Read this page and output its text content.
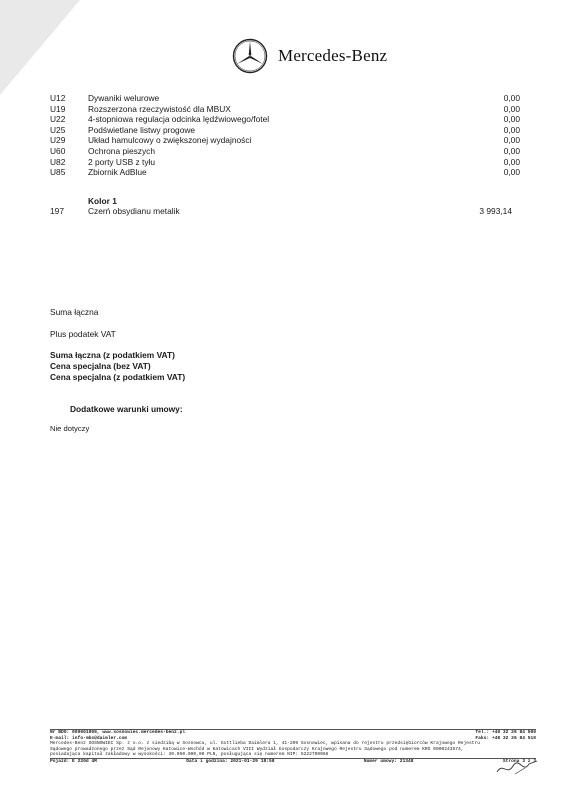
Mercedes-Benz
U12	Dywaniki welurowe	0,00
U19	Rozszerzona rzeczywistość dla MBUX	0,00
U22	4-stopniowa regulacja odcinka lędźwiowego/fotel	0,00
U25	Podświetlane listwy progowe	0,00
U29	Układ hamulcowy o zwiększonej wydajności	0,00
U60	Ochrona pieszych	0,00
U82	2 porty USB z tyłu	0,00
U85	Zbiornik AdBlue	0,00
Kolor 1
197	Czerń obsydianu metalik	3 993,14
Suma łączna
Plus podatek VAT
Suma łączna (z podatkiem VAT)
Cena specjalna (bez VAT)
Cena specjalna (z podatkiem VAT)
Dodatkowe warunki umowy:
Nie dotyczy
Nr BDO: 000001869, www.sosnowiec.mercedes-benz.pl	Tel.: +48 32 26 84 500
E-mail: info-mbs@daimler.com	Faks: +48 32 26 84 510
Mercedes-Benz SOSNOWIEC Sp. z o.o. z siedzibą w Sosnowcu, ul. Gottlieba Daimlera 1, 41-209 Sosnowiec, wpisana do rejestru przedsiębiorców Krajowego Rejestru
Sądowego prowadzonego przez Sąd Rejonowy Katowice-Wschód w Katowicach VIII Wydział Gospodarczy Krajowego Rejestru Sądowego pod numerem KRS 0000243574,
posiadająca kapitał zakładowy w wysokości: 30.050.000,00 PLN, posługująca się numerem NIP: 5222790066
Pojazd: E 220d 4M	Data i godzina: 2021-01-29 18:58	Numer umowy: 21348	Strona 3 z 3
